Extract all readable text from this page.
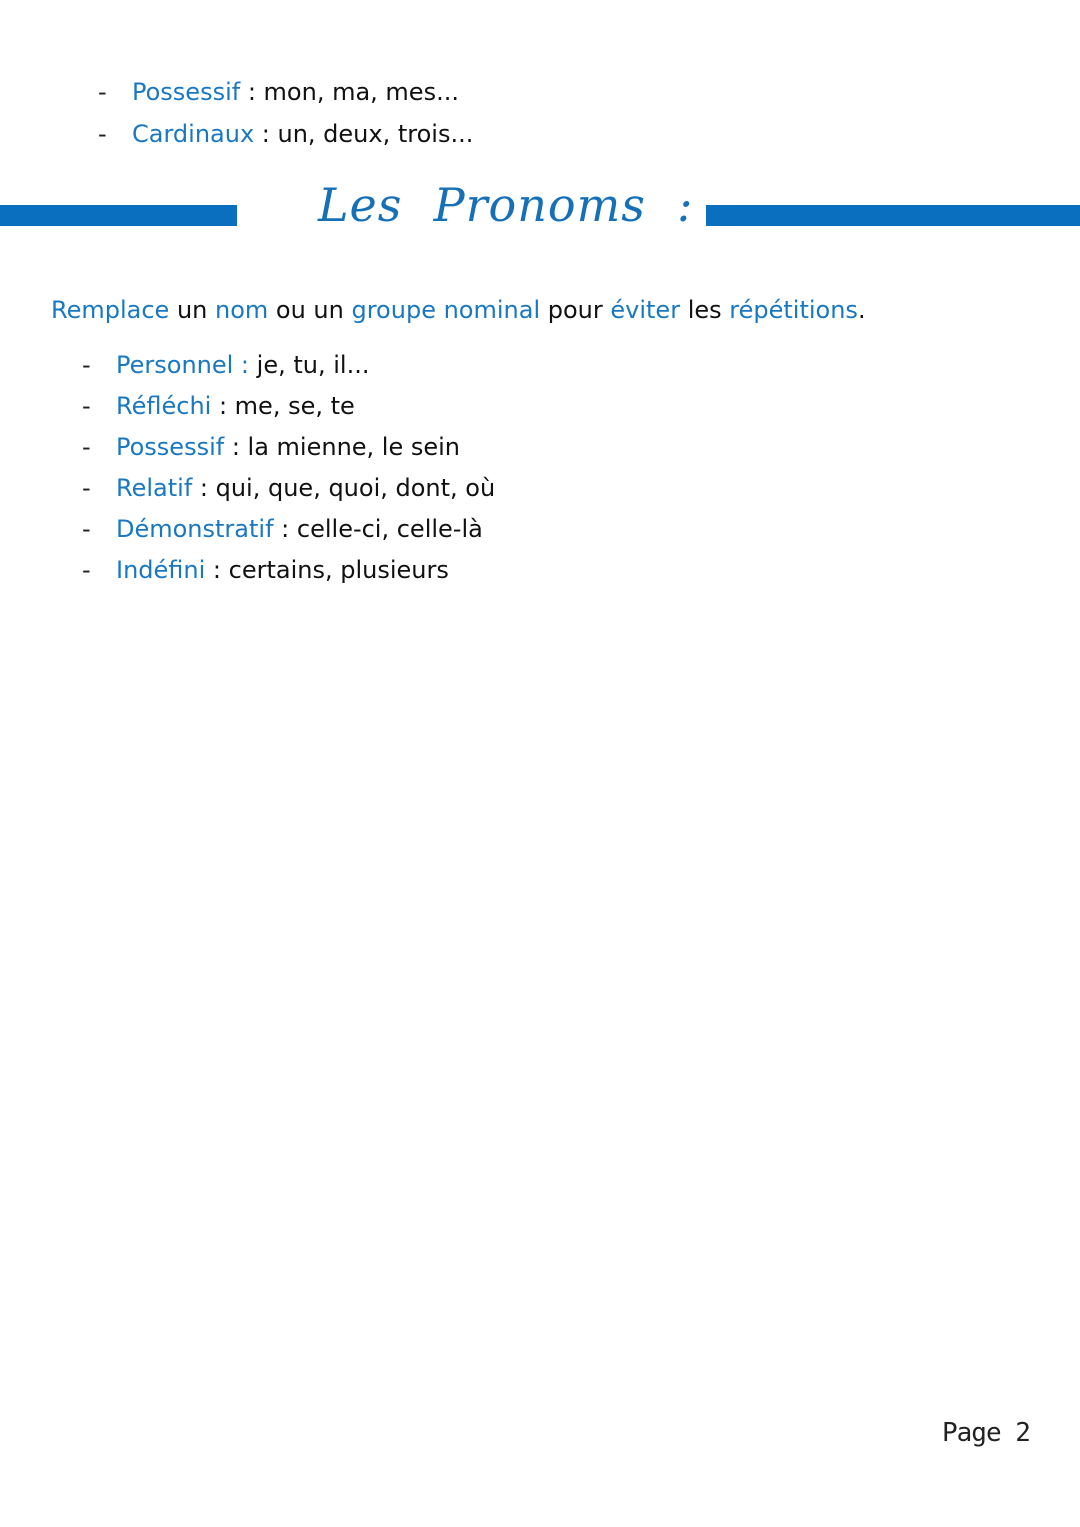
- Possessif : mon, ma, mes...
- Cardinaux : un, deux, trois...
Les  Pronoms  :
Remplace un nom ou un groupe nominal pour éviter les répétitions.
- Personnel : je, tu, il...
- Réfléchi : me, se, te
- Possessif : la mienne, le sein
- Relatif : qui, que, quoi, dont, où
- Démonstratif : celle-ci, celle-là
- Indéfini : certains, plusieurs
Page 2
